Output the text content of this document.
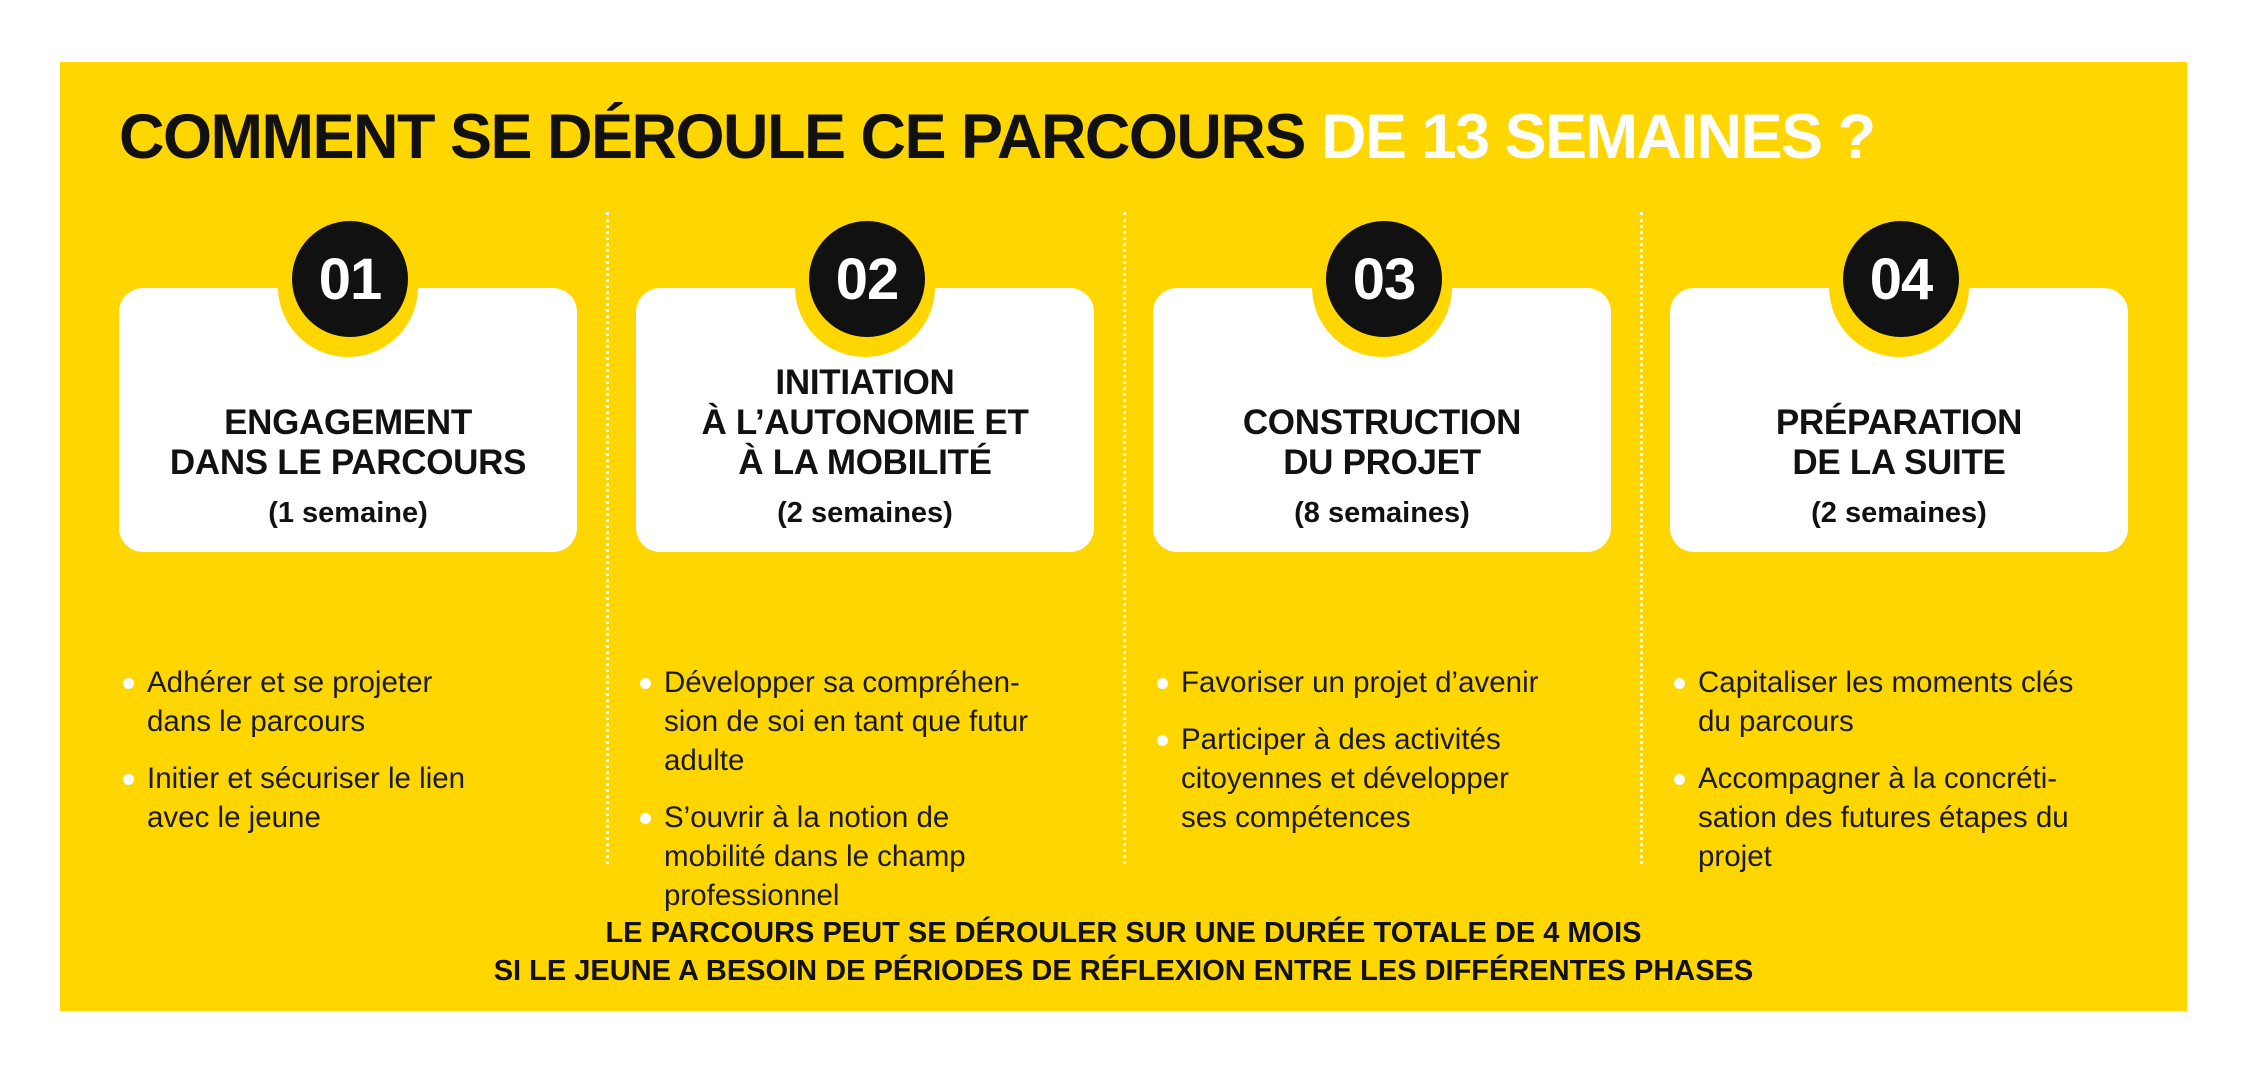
COMMENT SE DÉROULE CE PARCOURS DE 13 SEMAINES ?
ENGAGEMENT
DANS LE PARCOURS
(1 semaine)
01
Adhérer et se projeter
dans le parcours
Initier et sécuriser le lien
avec le jeune
INITIATION
À L’AUTONOMIE ET
À LA MOBILITÉ
(2 semaines)
02
Développer sa compréhen-
sion de soi en tant que futur
adulte
S’ouvrir à la notion de
mobilité dans le champ
professionnel
CONSTRUCTION
DU PROJET
(8 semaines)
03
Favoriser un projet d’avenir
Participer à des activités
citoyennes et développer
ses compétences
PRÉPARATION
DE LA SUITE
(2 semaines)
04
Capitaliser les moments clés
du parcours
Accompagner à la concréti-
sation des futures étapes du
projet
LE PARCOURS PEUT SE DÉROULER SUR UNE DURÉE TOTALE DE 4 MOIS
SI LE JEUNE A BESOIN DE PÉRIODES DE RÉFLEXION ENTRE LES DIFFÉRENTES PHASES
